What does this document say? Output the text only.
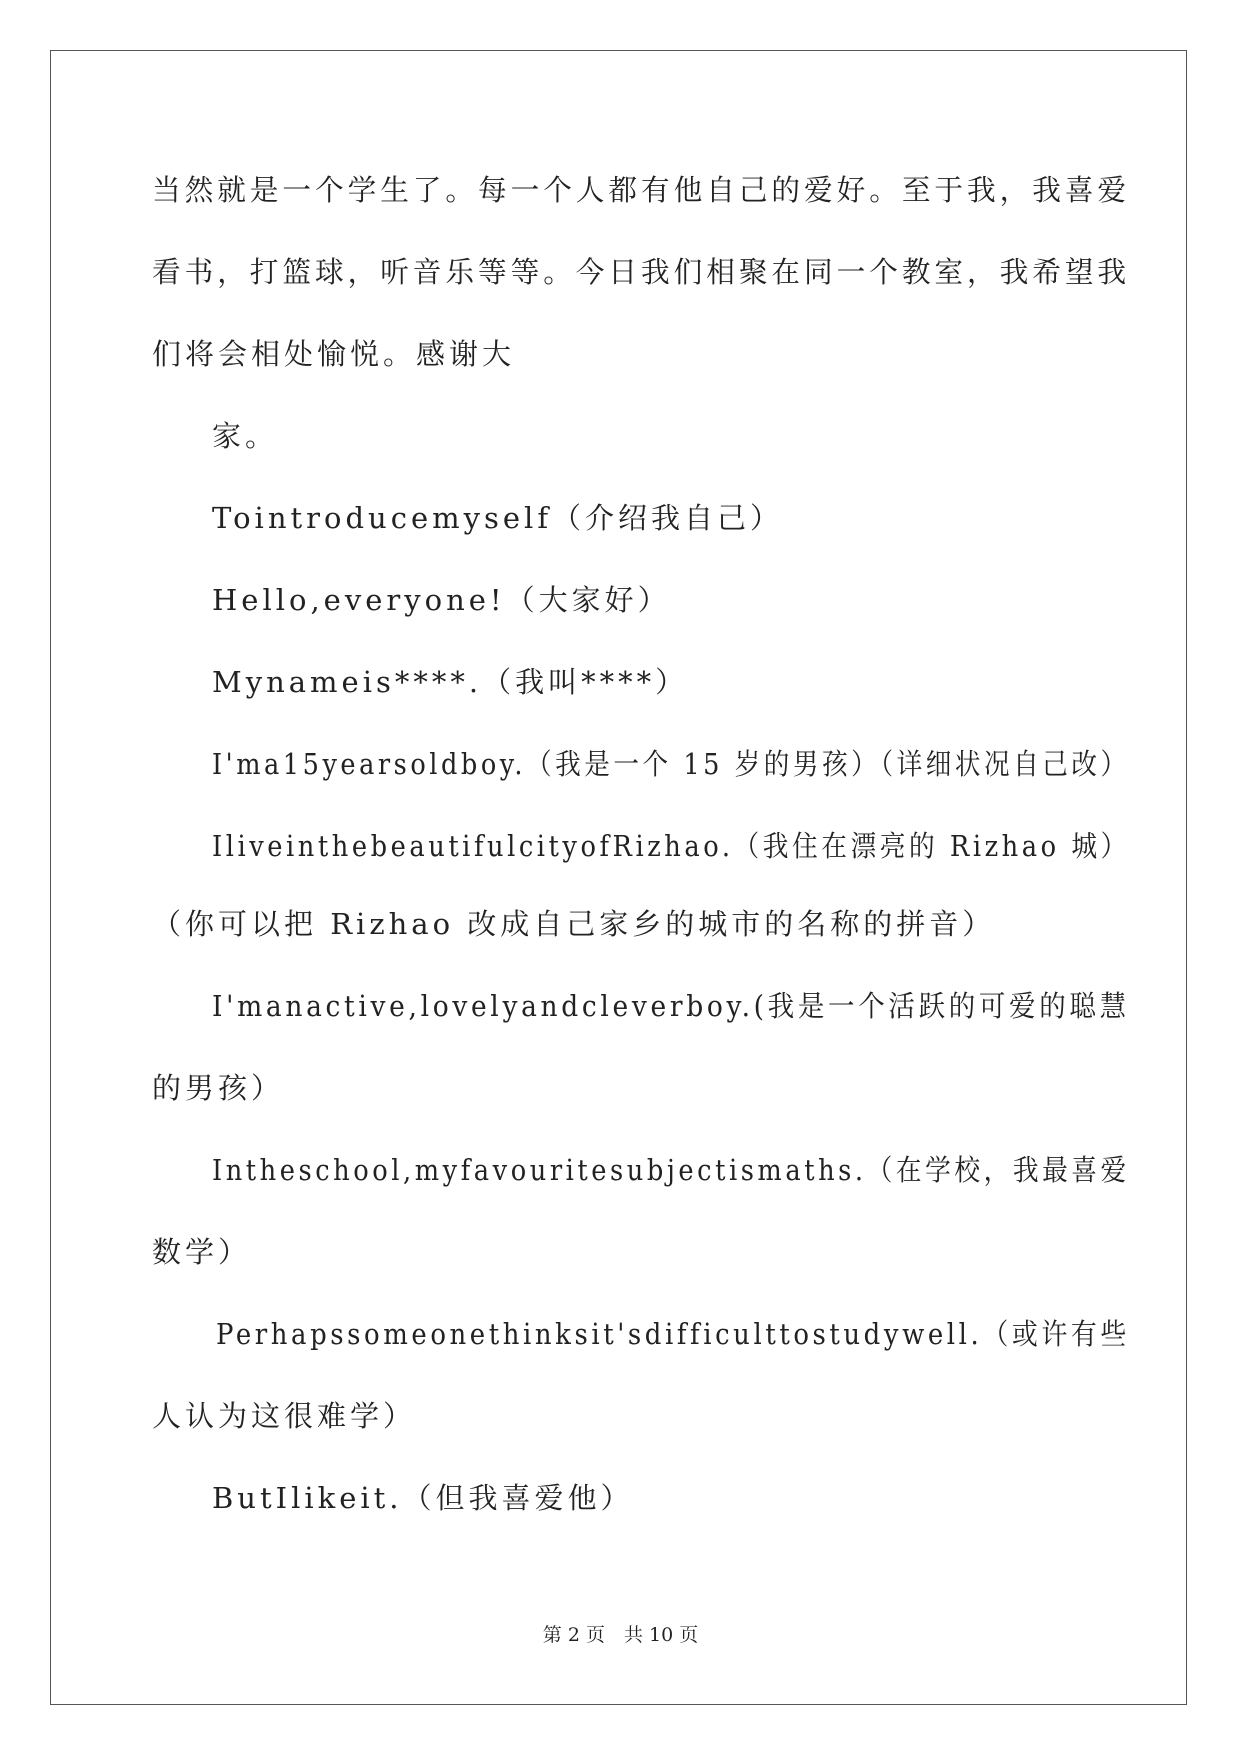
当然就是一个学生了。每一个人都有他自己的爱好。至于我，我喜爱
看书，打篮球，听音乐等等。今日我们相聚在同一个教室，我希望我
们将会相处愉悦。感谢大
家。
Tointroducemyself（介绍我自己）
Hello,everyone!（大家好）
Mynameis****.（我叫****）
I'ma15yearsoldboy.（我是一个 15 岁的男孩）（详细状况自己改）
IliveinthebeautifulcityofRizhao.（我住在漂亮的 Rizhao 城）
（你可以把 Rizhao 改成自己家乡的城市的名称的拼音）
I'manactive,lovelyandcleverboy.(我是一个活跃的可爱的聪慧
的男孩）
Intheschool,myfavouritesubjectismaths.（在学校，我最喜爱
数学）
Perhapssomeonethinksit'sdifficulttostudywell.（或许有些
人认为这很难学）
ButIlikeit.（但我喜爱他）
第 2 页　共 10 页
